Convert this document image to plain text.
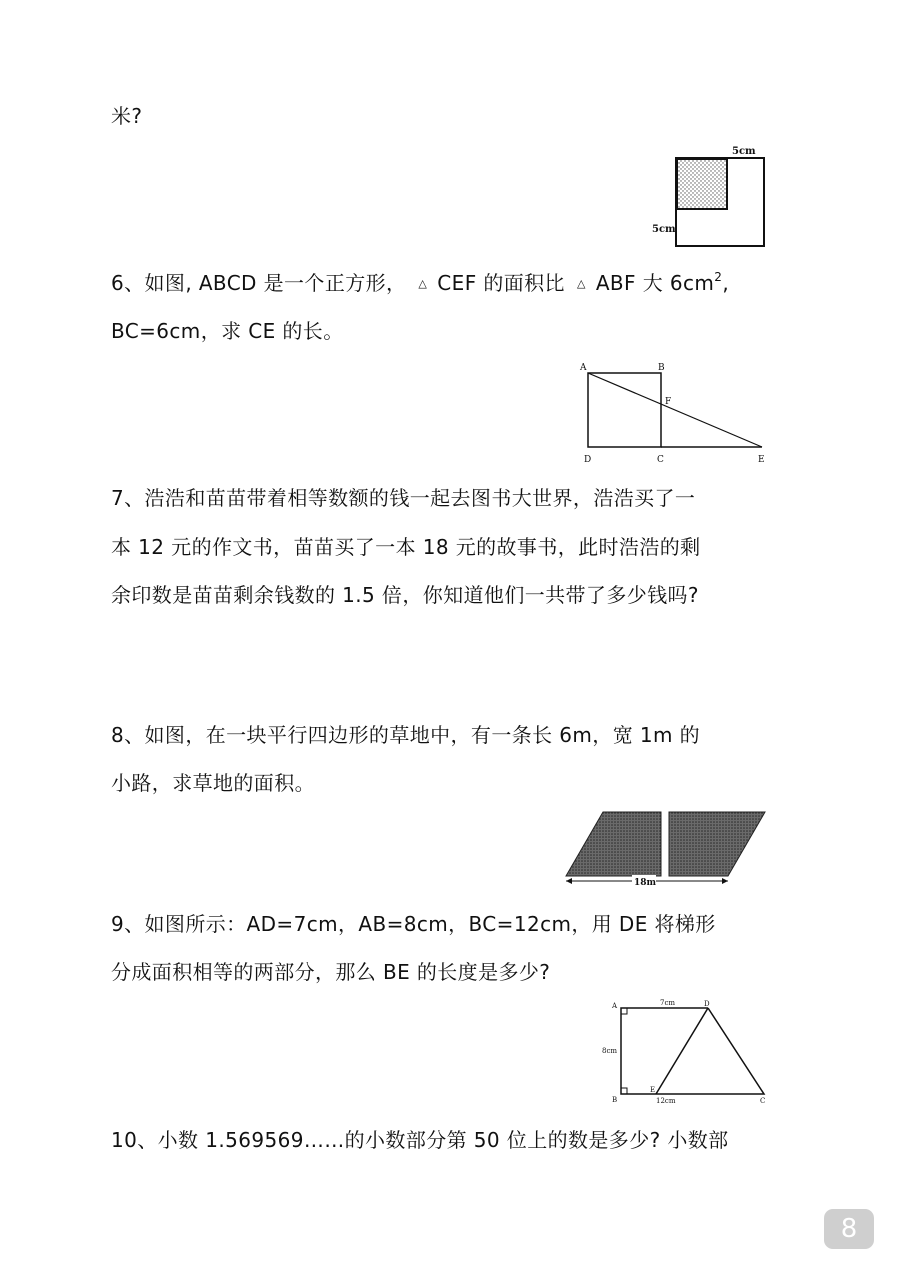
米?
5cm
5cm
6、如图, ABCD 是一个正方形， △ CEF 的面积比 △ ABF 大 $6cm^2$,
BC=6cm，求 CE 的长。
A	B
F
D	C	E
7、浩浩和苗苗带着相等数额的钱一起去图书大世界，浩浩买了一
本 12 元的作文书，苗苗买了一本 18 元的故事书，此时浩浩的剩
余印数是苗苗剩余钱数的 1.5 倍，你知道他们一共带了多少钱吗?
8、如图，在一块平行四边形的草地中，有一条长 6m，宽 1m 的
小路，求草地的面积。
18m
9、如图所示：AD=7cm，AB=8cm，BC=12cm，用 DE 将梯形
分成面积相等的两部分，那么 BE 的长度是多少?
A	D
B
E
C
7cm
8cm
12cm
10、小数 1.569569……的小数部分第 50 位上的数是多少? 小数部
8
